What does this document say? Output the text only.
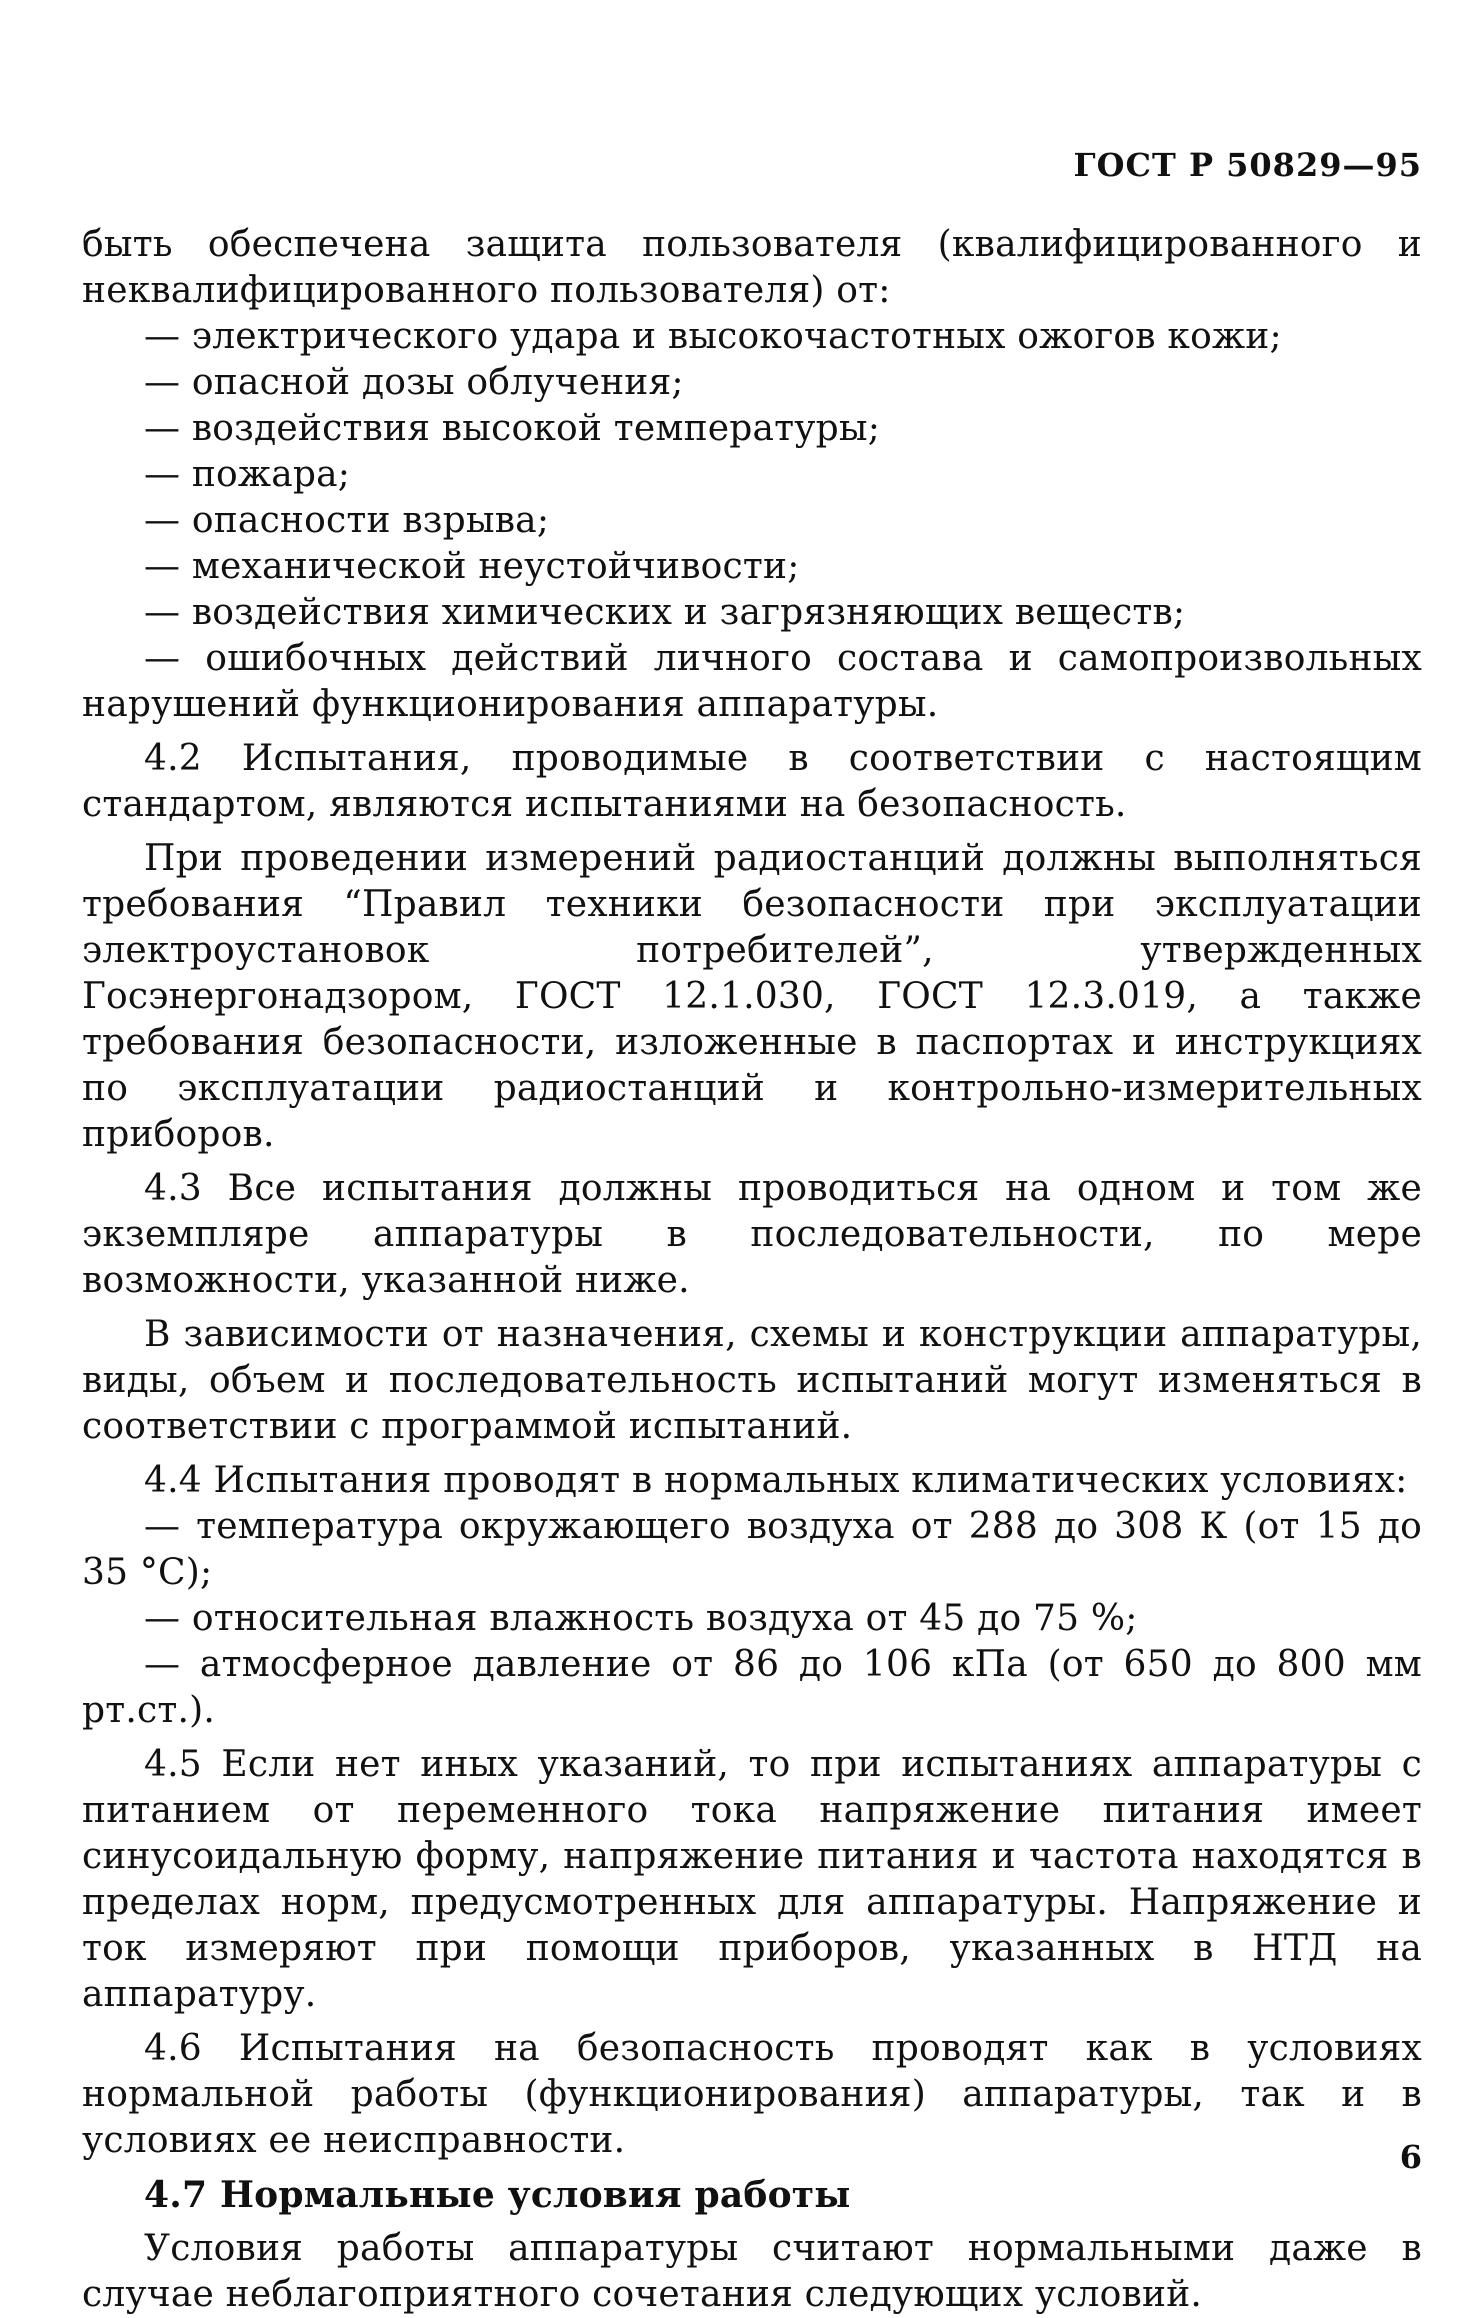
ГОСТ Р 50829—95

быть обеспечена защита пользователя (квалифицированного и неквалифицированного пользователя) от:

— электрического удара и высокочастотных ожогов кожи;

— опасной дозы облучения;

— воздействия высокой температуры;

— пожара;

— опасности взрыва;

— механической неустойчивости;

— воздействия химических и загрязняющих веществ;

— ошибочных действий личного состава и самопроизвольных нарушений функционирования аппаратуры.

4.2 Испытания, проводимые в соответствии с настоящим стандартом, являются испытаниями на безопасность.

При проведении измерений радиостанций должны выполняться требования “Правил техники безопасности при эксплуатации электроустановок потребителей”, утвержденных Госэнергонадзором, ГОСТ 12.1.030, ГОСТ 12.3.019, а также требования безопасности, изложенные в паспортах и инструкциях по эксплуатации радиостанций и контрольно-измерительных приборов.

4.3 Все испытания должны проводиться на одном и том же экземпляре аппаратуры в последовательности, по мере возможности, указанной ниже.

В зависимости от назначения, схемы и конструкции аппаратуры, виды, объем и последовательность испытаний могут изменяться в соответствии с программой испытаний.

4.4 Испытания проводят в нормальных климатических условиях:

— температура окружающего воздуха от 288 до 308 К (от 15 до 35 °С);

— относительная влажность воздуха от 45 до 75 %;

— атмосферное давление от 86 до 106 кПа (от 650 до 800 мм рт.ст.).

4.5 Если нет иных указаний, то при испытаниях аппаратуры с питанием от переменного тока напряжение питания имеет синусоидальную форму, напряжение питания и частота находятся в пределах норм, предусмотренных для аппаратуры. Напряжение и ток измеряют при помощи приборов, указанных в НТД на аппаратуру.

4.6 Испытания на безопасность проводят как в условиях нормальной работы (функционирования) аппаратуры, так и в условиях ее неисправности.

4.7 Нормальные условия работы

Условия работы аппаратуры считают нормальными даже в случае неблагоприятного сочетания следующих условий.

6
